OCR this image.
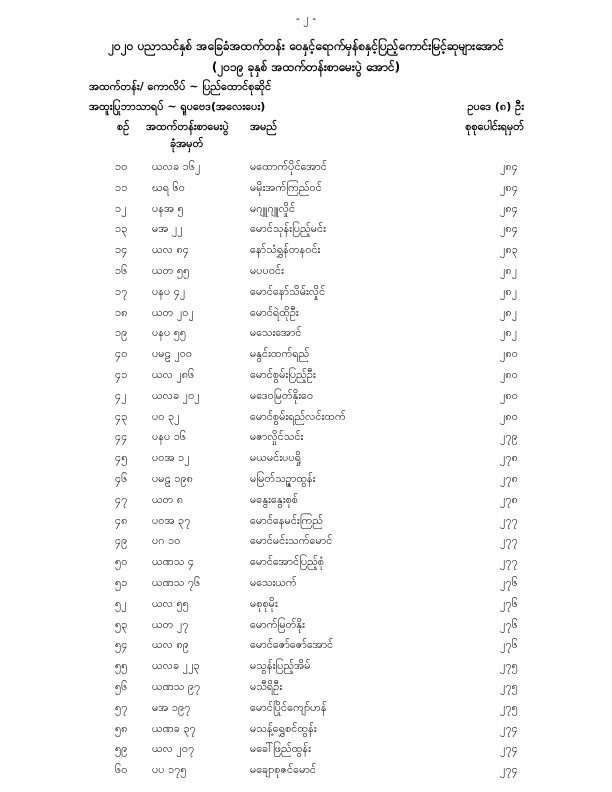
- ၂ -
၂၀၂၀ ပညာသင်နှစ် အခြေခံအထက်တန်း ဝေနှင့်ရောက်မှန်စနှင့်ပြည့်ကောင်းမြင့်ဆုများအောင်
(၂၀၁၉ ခုနှစ် အထက်တန်းစာမေးပွဲ အောင်)
အထက်တန်း/ ကောလိပ် ~ ပြည်ထောင်စုဆိုင်
အထူးပြုဘာသာရပ် ~ ရူပဗေဒ(အလေးပေး)	ဥပဒေ (၈) ဦး
စဉ် အထက်တန်းစာမေးပွဲ အမည်	စုစုပေါင်းရမှတ်
ခုံအမှတ်
၁၀ ယလခ ၁၆၂	မထောက်ပိုင်အောင်	၂၈၄
၁၁ ဃရ ၆၀	မမိုးအက်ကြည်ဝင်	၂၈၄
၁၂ ပနအ ၅	မဂျူဂျူလှိုင်	၂၈၄
၁၃ မအ ၂၂	မောင်သုန်းပြည့်မင်း	၂၈၄
၁၄ ယလ ၈၄	နော်သံရွှန်တနဝင်း	၂၈၃
၁၆ ယတ ၅၅	မပပဝင်း	၂၈၂
၁၇ ပနပ ၄၂	မောင်နော်သိမ်းလှိုင်	၂၈၂
၁၈ ယတ ၂၀၂	မောင်ရဲထိုဦး	၂၈၂
၁၉ ပနပ ၅၅	မသေးအောင်	၂၈၂
၄၀ ပမဠ ၂၀၀	မနွင်းထက်ရည်	၂၈၀
၄၁ ယလ ၂၈၆	မောင်စွမ်းပြည့်ဦး	၂၈၀
၄၂ ယလခ ၂၀၂	မဒေဝမြတ်နိုးဝေ	၂၈၀
၄၃ ပဝ ၃၂	မောင်စွမ်းရည်လင်းထက်	၂၈၀
၄၄ ပနပ ၁၆	မဇာလှိုင်သင်း	၂၇၉
၄၅ ပဝအ ၁၂	မယမင်းပပရှို	၂၇၈
၄၆ ပမဠ ၁၉၈	မမြတ်သဉ္ဇာထွန်း	၂၇၈
၄၇ ယတ ၈	မနွေးနွေးစုစ်	၂၇၈
၄၈ ပဝအ ၃၇	မောင်နေမင်းကြည်	၂၇၇
၄၉ ပဂ ၁၀	မောင်မင်းသက်မောင်	၂၇၇
၅၀ ယဏသ ၄	မောင်အောင်ပြည့်စုံ	၂၇၇
၅၁ ယဏသ ၇၆	မသေးယက်	၂၇၆
၅၂ ယလ ၅၅	မစုစုမိုး	၂၇၆
၅၃ ယတ ၂၇	မောက်မြတ်နိုး	၂၇၆
၅၄ ယလ ၈၉	မောင်ဇော်ဇော်အောင်	၂၇၆
၅၅ ယလခ ၂၂၃	မသွန်းပြည့်အိမ်	၂၇၅
၅၆ ယဏသ ၉၇	မသီရိဦး	၂၇၅
၅၇ မအ ၁၉၇	မောင်ပြိုင်ကျော်ဟန်	၂၇၅
၅၈ ယဏခ ၃၇	မသန့်ရွှေစင်ထွန်း	၂၇၄
၅၉ ယလ ၂၀၇	မခေါ်ဖြည်ထွန်း	၂၇၄
၆၀ ပပ ၁၇၅	မချောစုဇင်မောင်	၂၇၄
